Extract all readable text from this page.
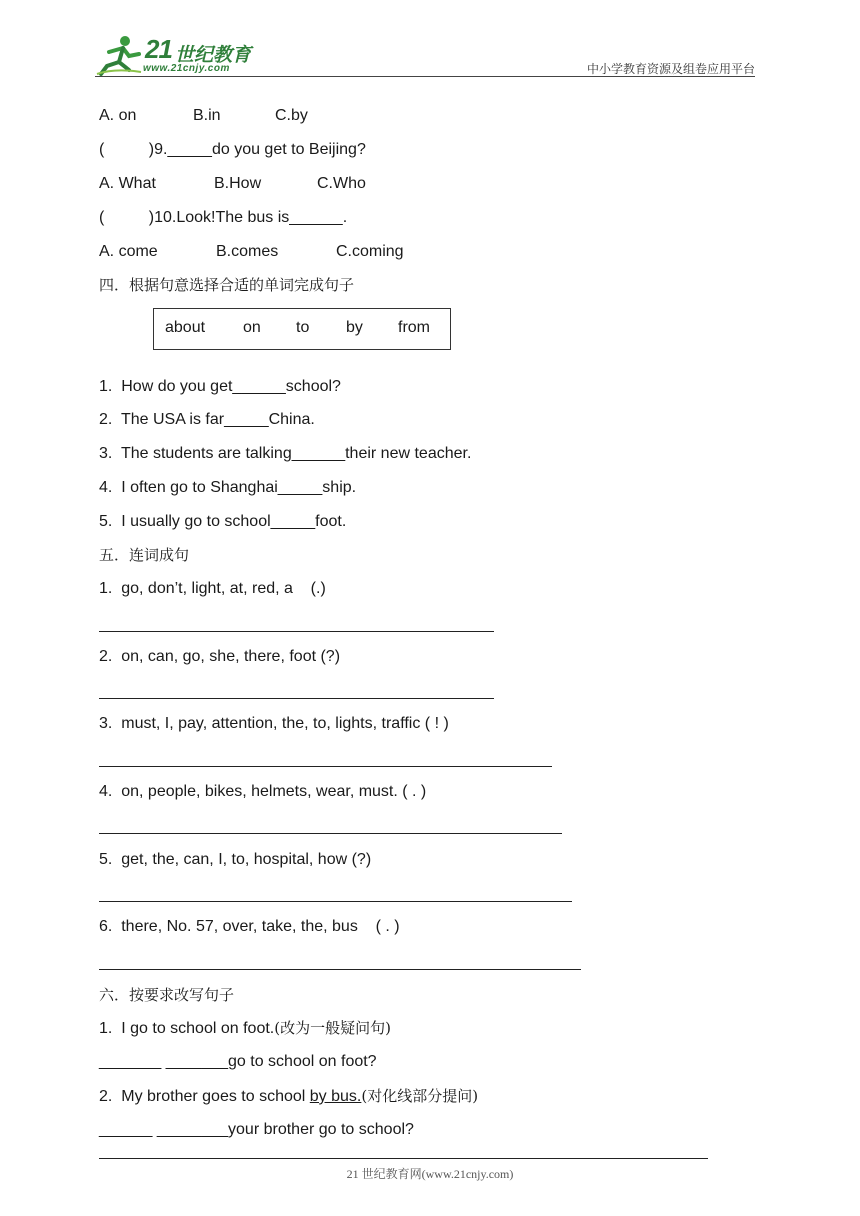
21 世纪教育
www.21cnjy.com	中小学教育资源及组卷应用平台
A. on	B.in	C.by
(          )9._____do you get to Beijing?
A. What	B.How	C.Who
(          )10.Look!The bus is______.
A. come	B.comes	C.coming
四．根据句意选择合适的单词完成句子
about on to by from
1.  How do you get______school?
2.  The USA is far_____China.
3.  The students are talking______their new teacher.
4.  I often go to Shanghai_____ship.
5.  I usually go to school_____foot.
五．连词成句
1.  go, don’t, light, at, red, a    (.)
2.  on, can, go, she, there, foot (?)
3.  must, I, pay, attention, the, to, lights, traffic ( ! )
4.  on, people, bikes, helmets, wear, must. ( . )
5.  get, the, can, I, to, hospital, how (?)
6.  there, No. 57, over, take, the, bus    ( . )
六．按要求改写句子
1.  I go to school on foot.(改为一般疑问句)
_______ _______go to school on foot?
2.  My brother goes to school by bus.(对化线部分提问)
______ ________your brother go to school?
21 世纪教育网(www.21cnjy.com)
